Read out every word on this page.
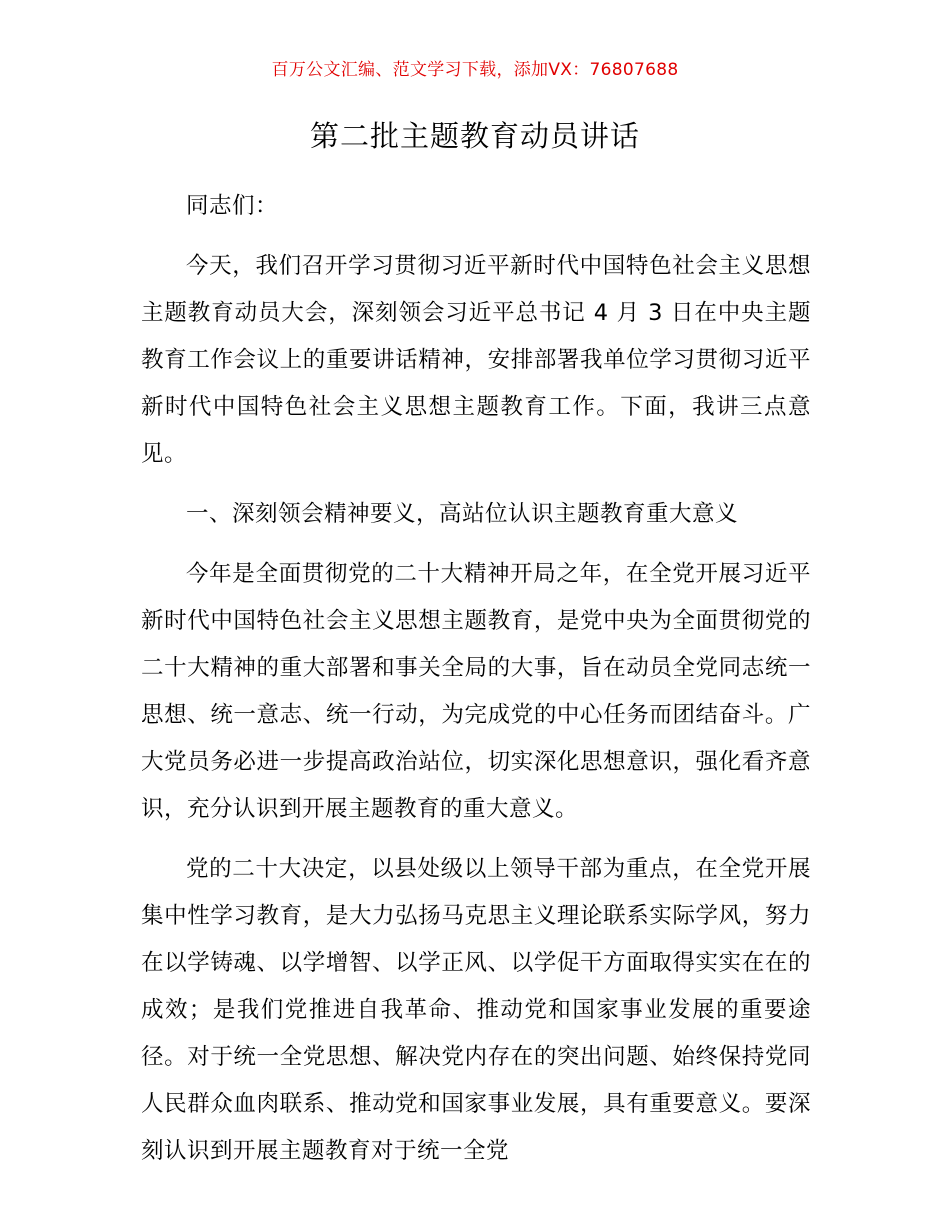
百万公文汇编、范文学习下载，添加VX：76807688
第二批主题教育动员讲话

同志们：

今天，我们召开学习贯彻习近平新时代中国特色社会主义思想主题教育动员大会，深刻领会习近平总书记 4 月 3 日在中央主题教育工作会议上的重要讲话精神，安排部署我单位学习贯彻习近平新时代中国特色社会主义思想主题教育工作。下面，我讲三点意见。

一、深刻领会精神要义，高站位认识主题教育重大意义

今年是全面贯彻党的二十大精神开局之年，在全党开展习近平新时代中国特色社会主义思想主题教育，是党中央为全面贯彻党的二十大精神的重大部署和事关全局的大事，旨在动员全党同志统一思想、统一意志、统一行动，为完成党的中心任务而团结奋斗。广大党员务必进一步提高政治站位，切实深化思想意识，强化看齐意识，充分认识到开展主题教育的重大意义。

党的二十大决定，以县处级以上领导干部为重点，在全党开展集中性学习教育，是大力弘扬马克思主义理论联系实际学风，努力在以学铸魂、以学增智、以学正风、以学促干方面取得实实在在的成效；是我们党推进自我革命、推动党和国家事业发展的重要途径。对于统一全党思想、解决党内存在的突出问题、始终保持党同人民群众血肉联系、推动党和国家事业发展，具有重要意义。要深刻认识到开展主题教育对于统一全党
